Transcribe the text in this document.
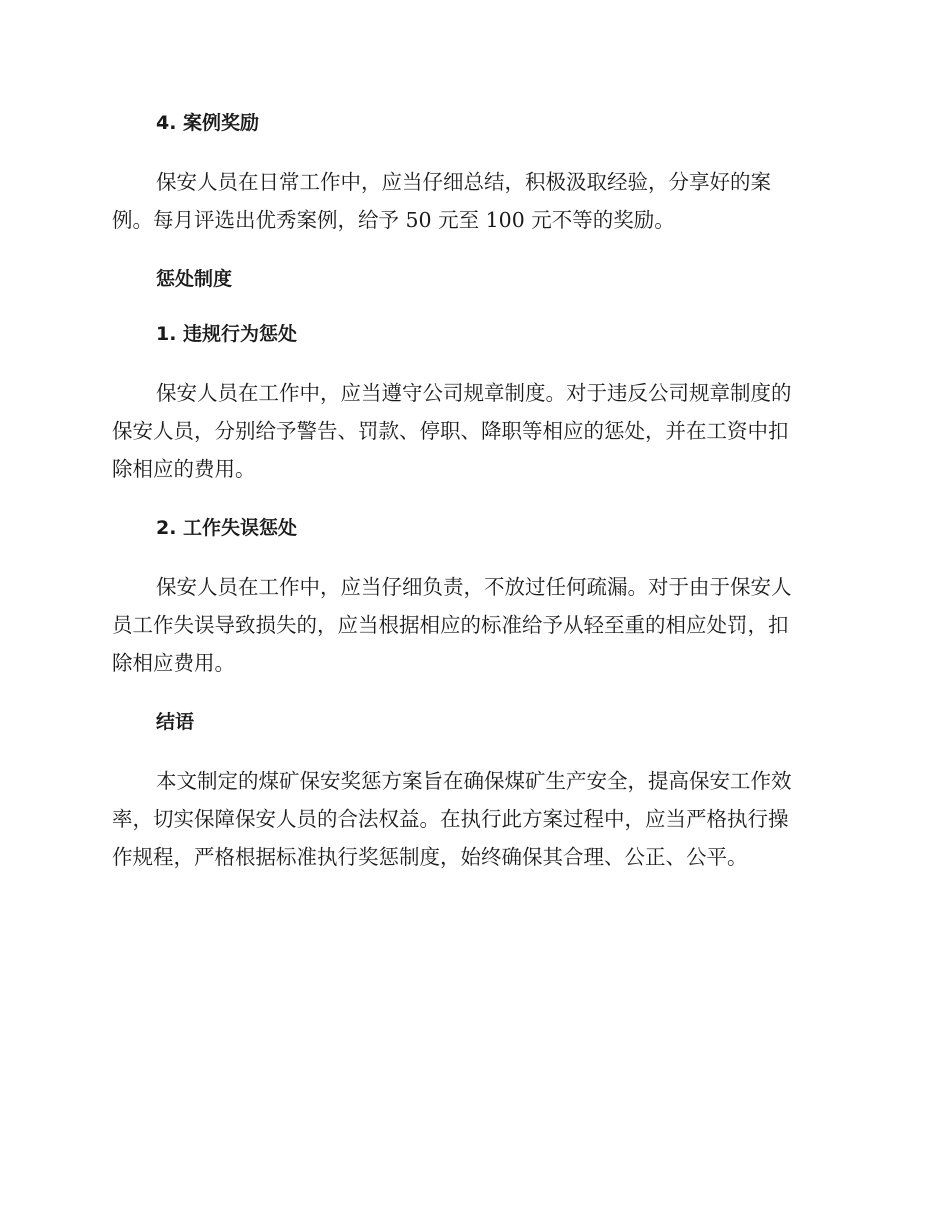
4. 案例奖励
保安人员在日常工作中，应当仔细总结，积极汲取经验，分享好的案
例。每月评选出优秀案例，给予 50 元至 100 元不等的奖励。
惩处制度
1. 违规行为惩处
保安人员在工作中，应当遵守公司规章制度。对于违反公司规章制度的
保安人员，分别给予警告、罚款、停职、降职等相应的惩处，并在工资中扣
除相应的费用。
2. 工作失误惩处
保安人员在工作中，应当仔细负责，不放过任何疏漏。对于由于保安人
员工作失误导致损失的，应当根据相应的标准给予从轻至重的相应处罚，扣
除相应费用。
结语
本文制定的煤矿保安奖惩方案旨在确保煤矿生产安全，提高保安工作效
率，切实保障保安人员的合法权益。在执行此方案过程中，应当严格执行操
作规程，严格根据标准执行奖惩制度，始终确保其合理、公正、公平。
